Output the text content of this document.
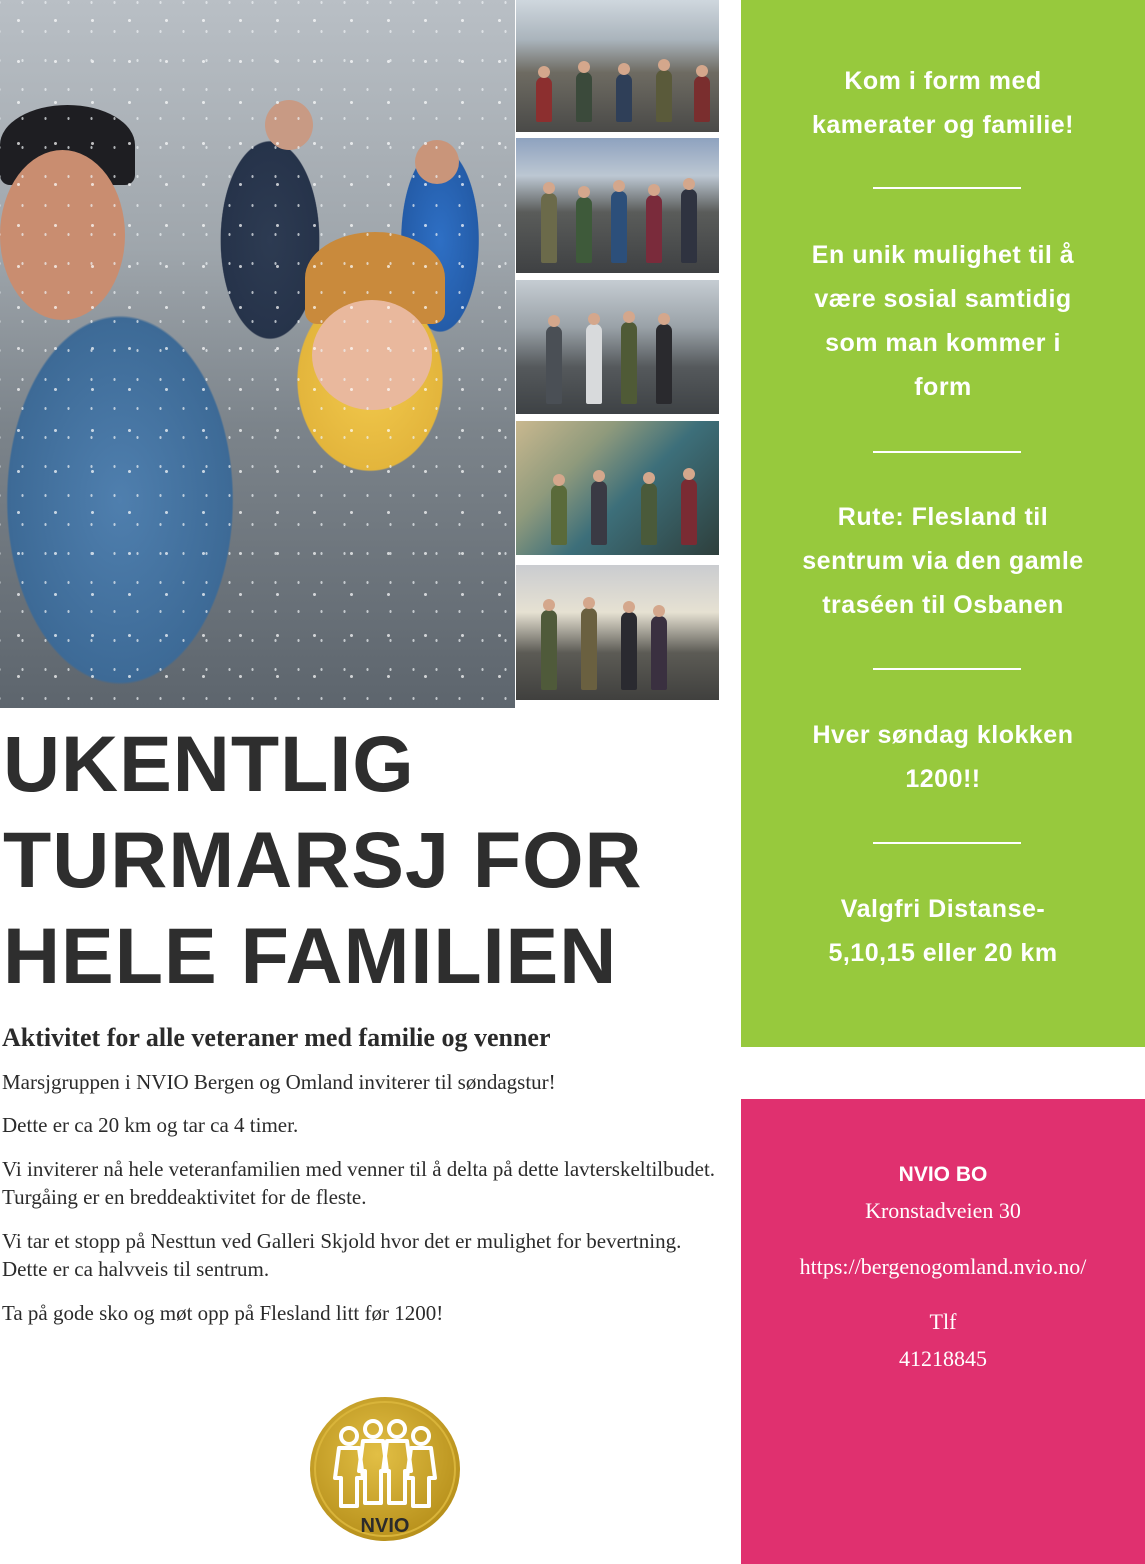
Kom i form med
kamerater og familie!
En unik mulighet til å
være sosial samtidig
som man kommer i
form
Rute: Flesland til
sentrum via den gamle
traséen til Osbanen
Hver søndag klokken
1200!!
Valgfri Distanse-
5,10,15 eller 20 km
UKENTLIG
TURMARSJ FOR
HELE FAMILIEN
Aktivitet for alle veteraner med familie og venner

Marsjgruppen i NVIO Bergen og Omland inviterer til søndagstur!

Dette er ca 20 km og tar ca 4 timer.

Vi inviterer nå hele veteranfamilien med venner til å delta på dette lavterskeltilbudet. Turgåing er en breddeaktivitet for de fleste.

Vi tar et stopp på Nesttun ved Galleri Skjold hvor det er mulighet for bevertning. Dette er ca halvveis til sentrum.

Ta på gode sko og møt opp på Flesland litt før 1200!

NVIO
NVIO BO
Kronstadveien 30
https://bergenogomland.nvio.no/
Tlf
41218845
